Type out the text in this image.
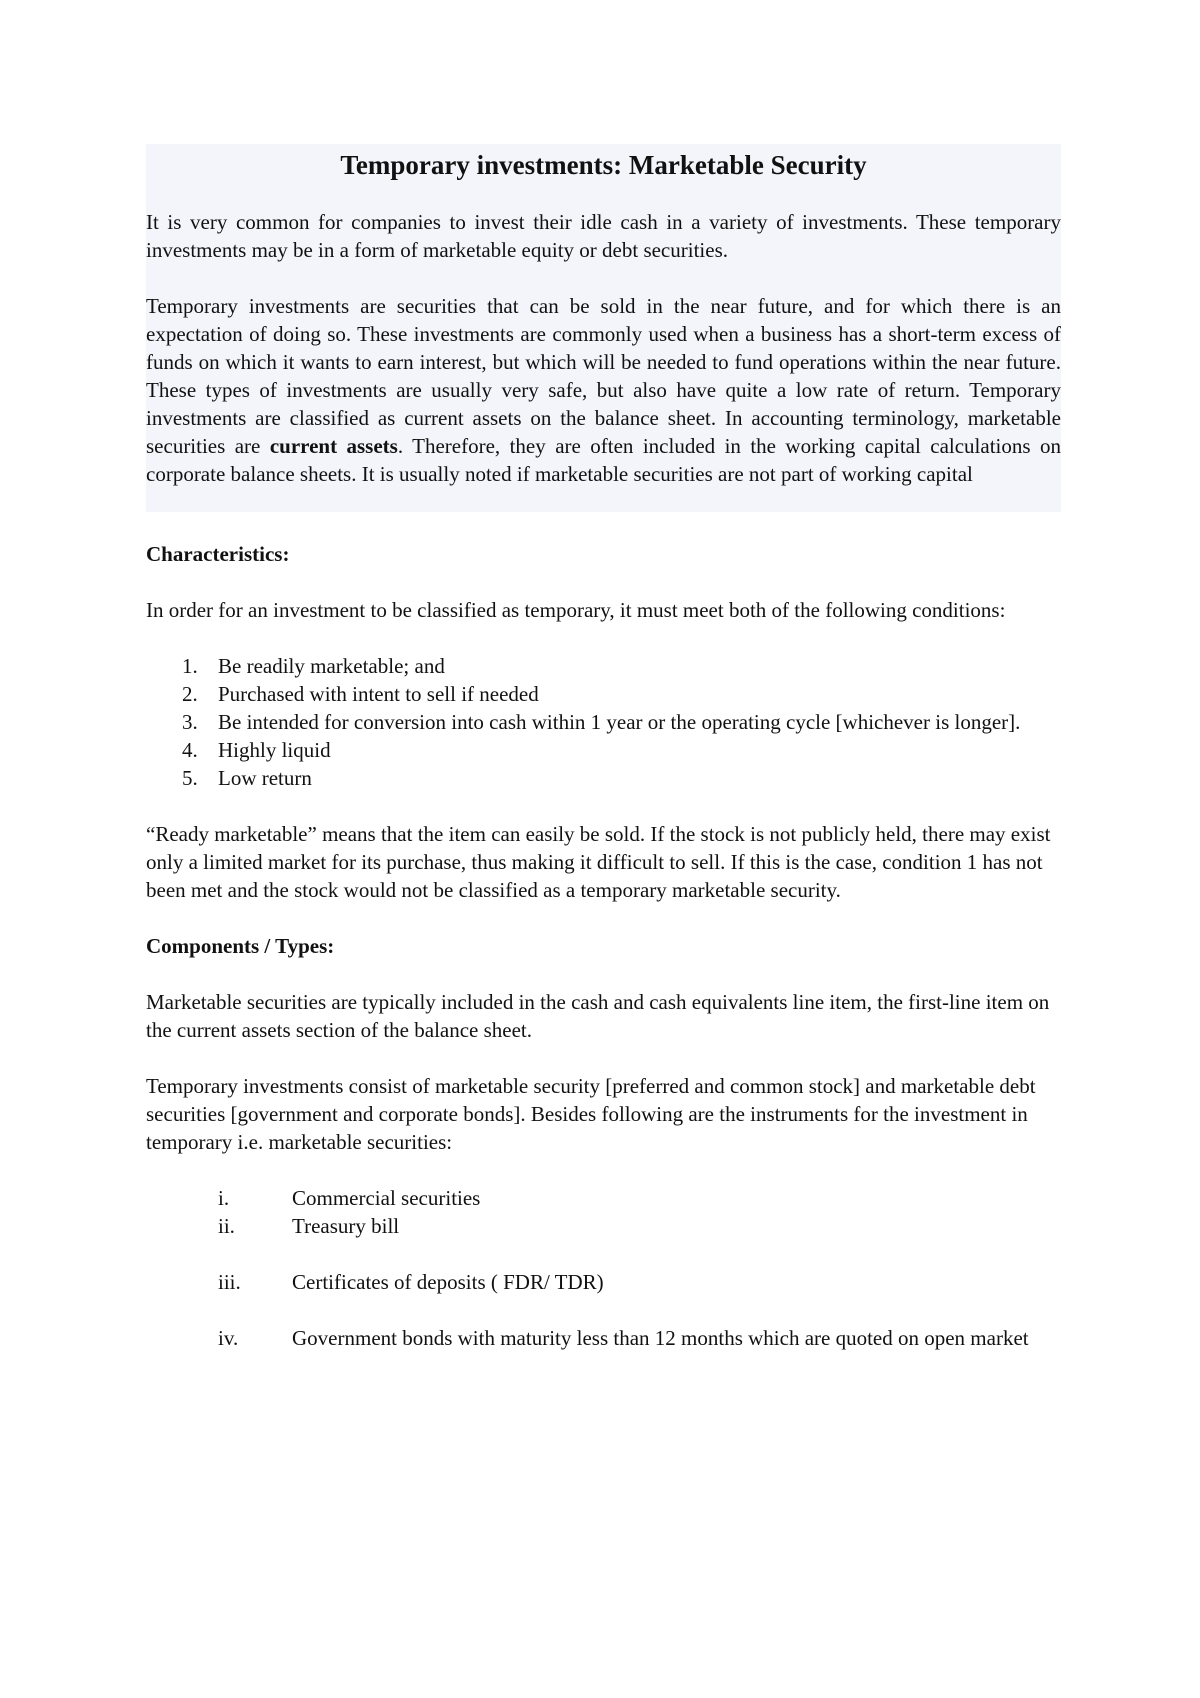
Temporary investments: Marketable Security

It is very common for companies to invest their idle cash in a variety of investments. These temporary investments may be in a form of marketable equity or debt securities.

Temporary investments are securities that can be sold in the near future, and for which there is an expectation of doing so. These investments are commonly used when a business has a short-term excess of funds on which it wants to earn interest, but which will be needed to fund operations within the near future. These types of investments are usually very safe, but also have quite a low rate of return. Temporary investments are classified as current assets on the balance sheet. In accounting terminology, marketable securities are current assets. Therefore, they are often included in the working capital calculations on corporate balance sheets. It is usually noted if marketable securities are not part of working capital

Characteristics:

In order for an investment to be classified as temporary, it must meet both of the following conditions:

1. Be readily marketable; and
2. Purchased with intent to sell if needed
3. Be intended for conversion into cash within 1 year or the operating cycle [whichever is longer].
4. Highly liquid
5. Low return

“Ready marketable” means that the item can easily be sold. If the stock is not publicly held, there may exist only a limited market for its purchase, thus making it difficult to sell. If this is the case, condition 1 has not been met and the stock would not be classified as a temporary marketable security.

Components / Types:

Marketable securities are typically included in the cash and cash equivalents line item, the first-line item on the current assets section of the balance sheet.

Temporary investments consist of marketable security [preferred and common stock] and marketable debt securities [government and corporate bonds]. Besides following are the instruments for the investment in temporary i.e. marketable securities:

i.	Commercial securities
ii.	Treasury bill
iii. Certificates of deposits ( FDR/ TDR)
iv.	Government bonds with maturity less than 12 months which are quoted on open market
